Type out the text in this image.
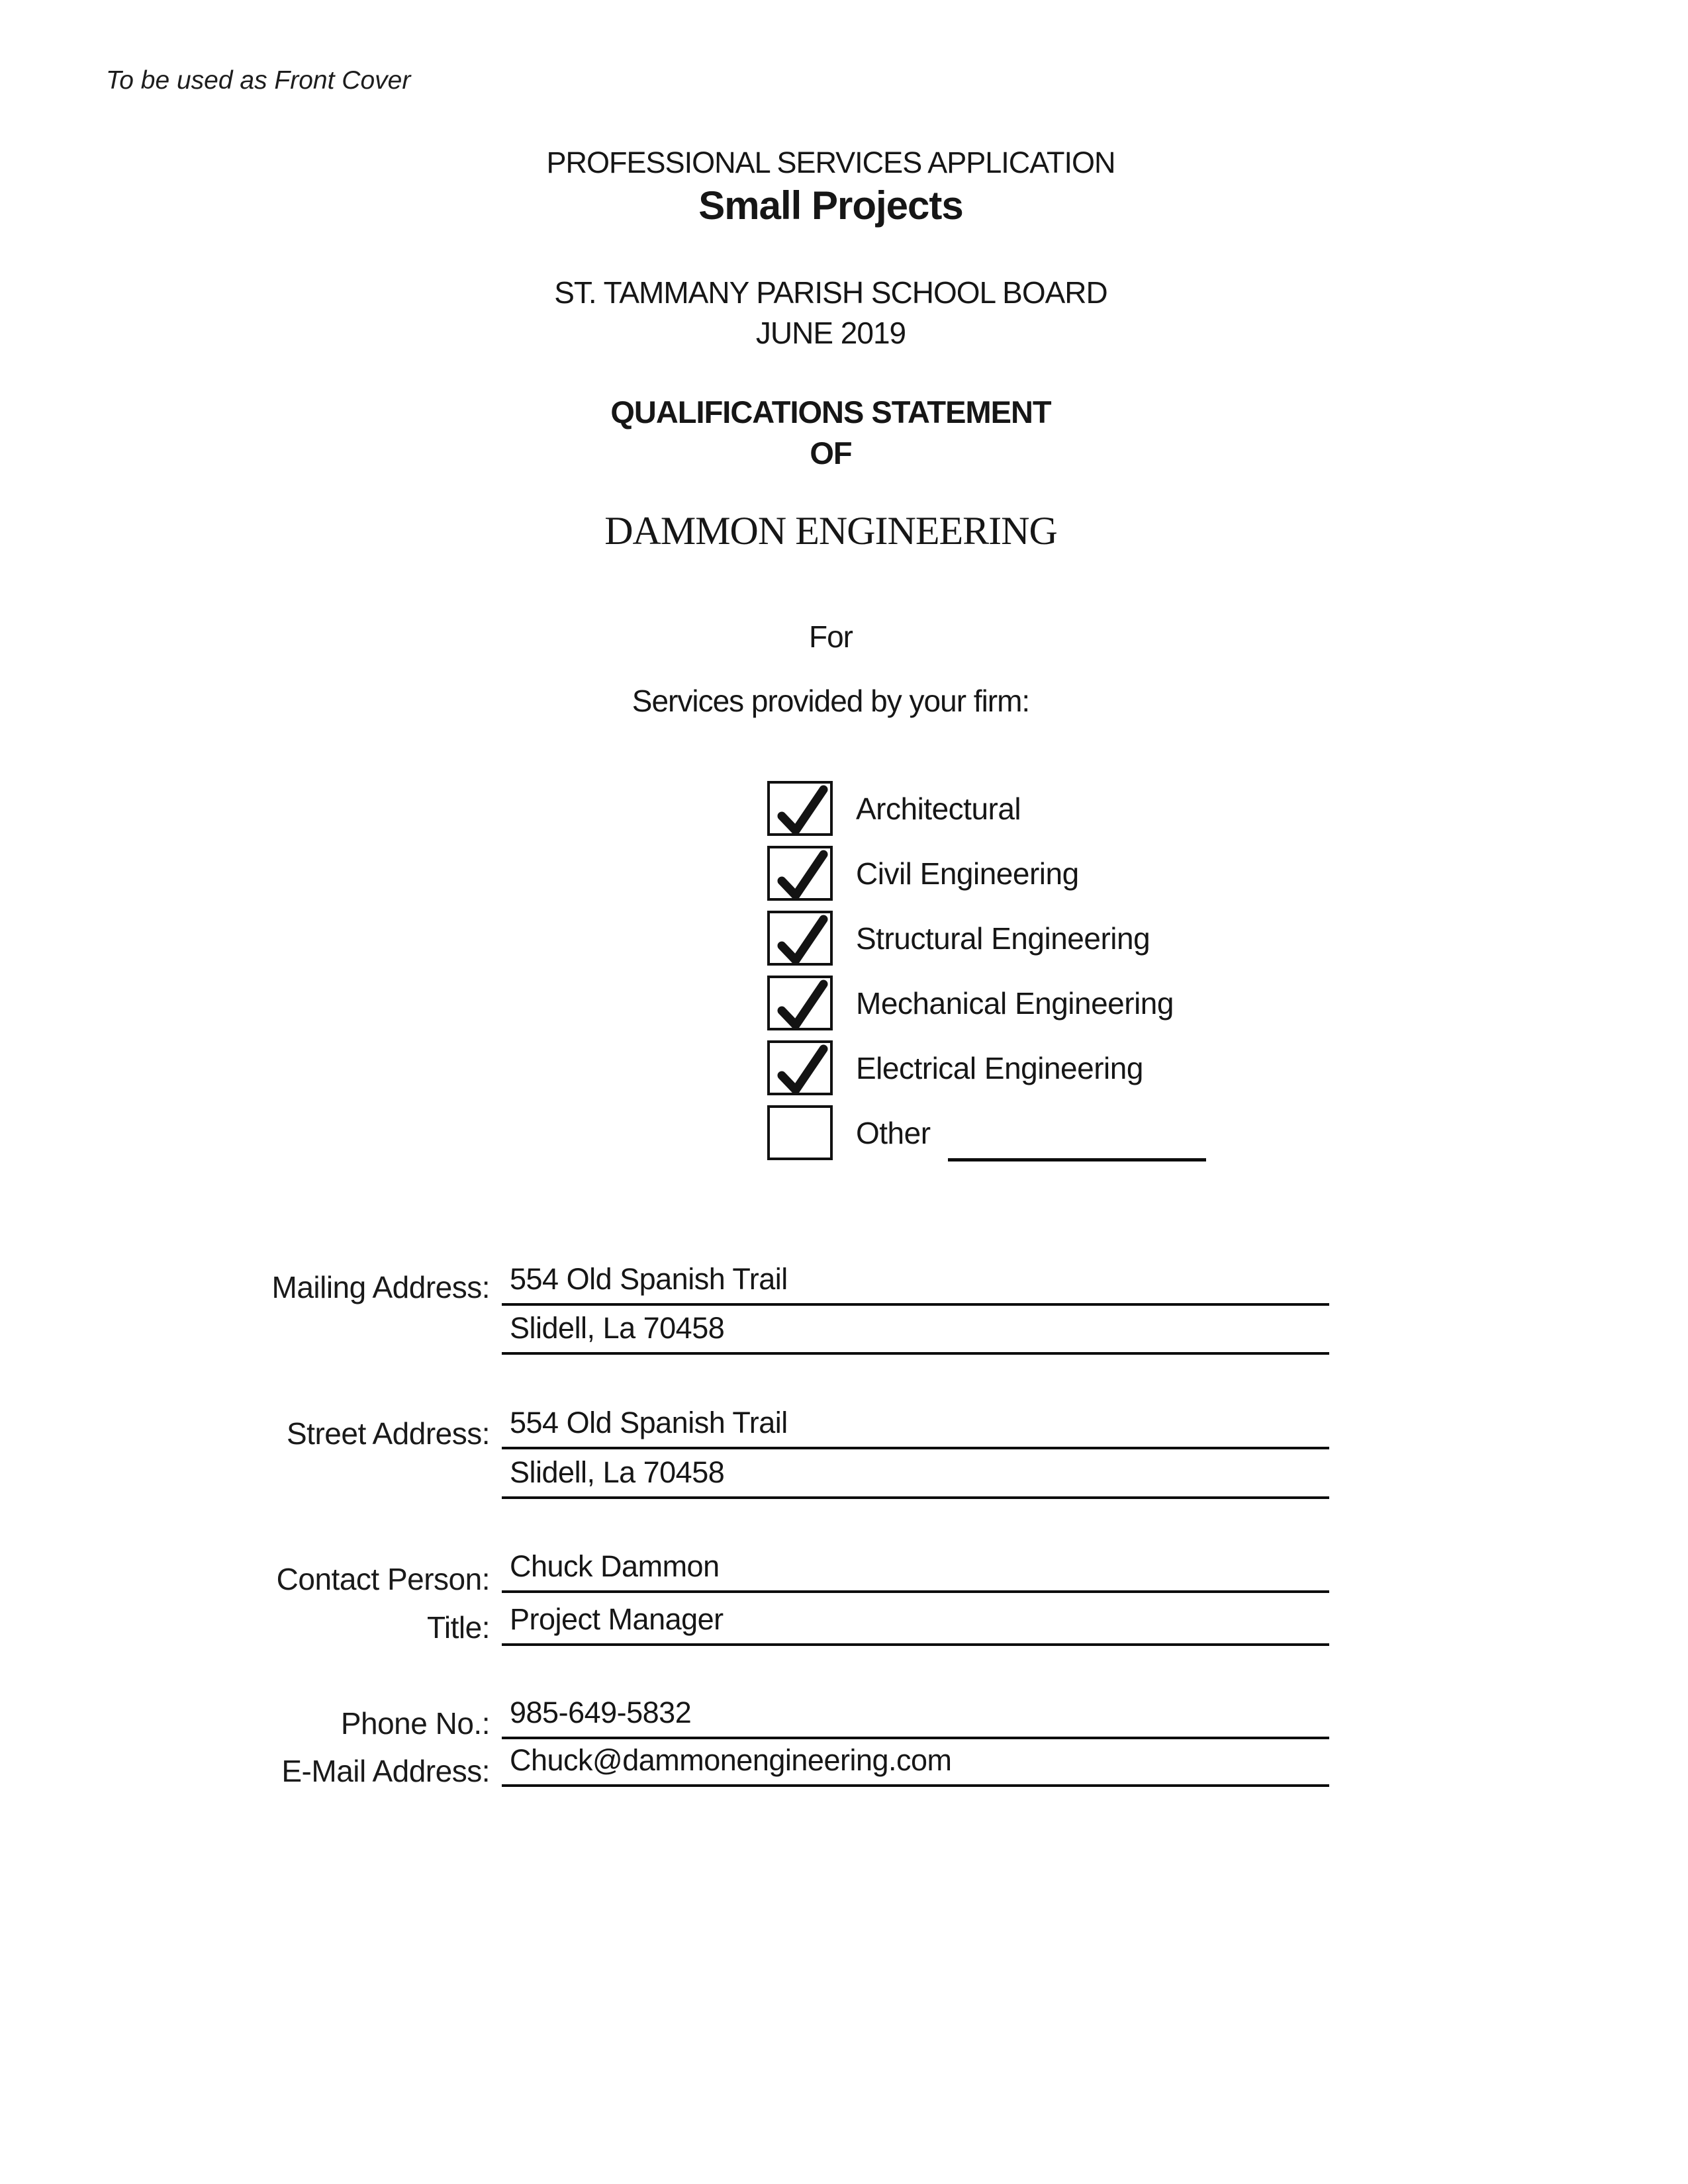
To be used as Front Cover
PROFESSIONAL SERVICES APPLICATION
Small Projects
ST. TAMMANY PARISH SCHOOL BOARD
JUNE 2019
QUALIFICATIONS STATEMENT
OF
DAMMON ENGINEERING
For
Services provided by your firm:
Architectural
Civil Engineering
Structural Engineering
Mechanical Engineering
Electrical Engineering
Other
Mailing Address: 554 Old Spanish Trail
Slidell, La 70458
Street Address: 554 Old Spanish Trail
Slidell, La 70458
Contact Person: Chuck Dammon
Title: Project Manager
Phone No.: 985-649-5832
E-Mail Address: Chuck@dammonengineering.com
